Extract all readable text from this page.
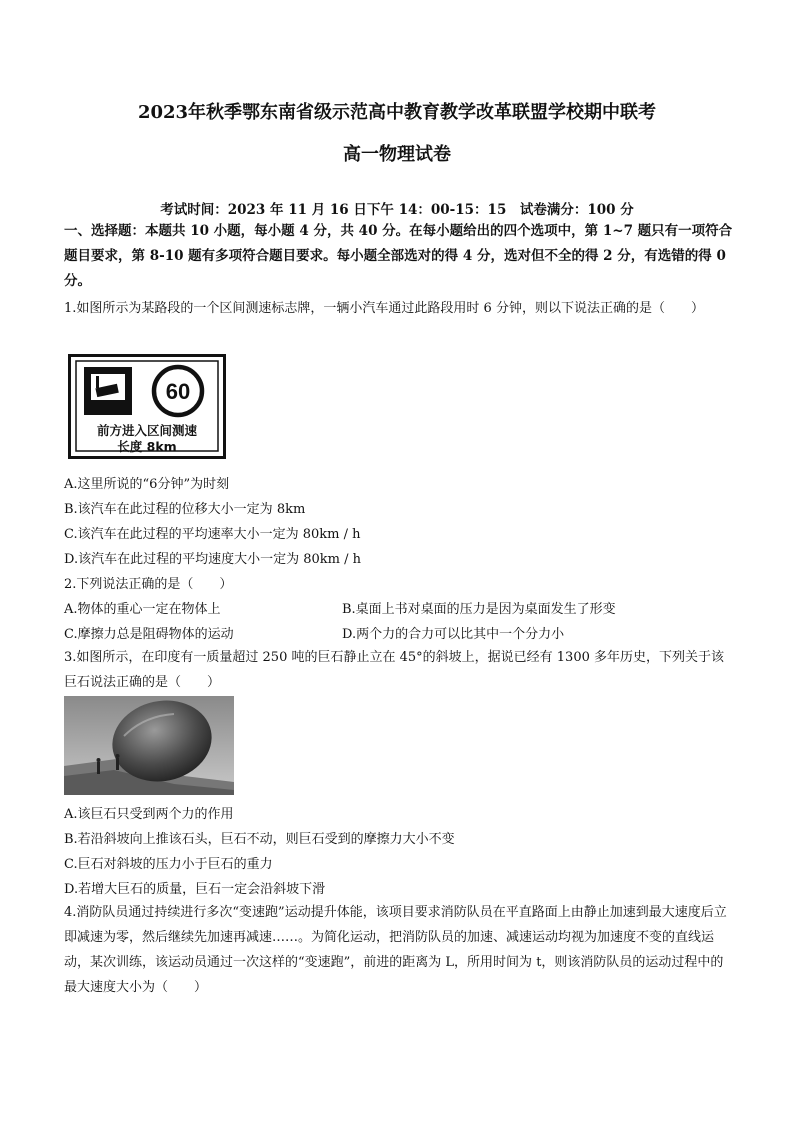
2023年秋季鄂东南省级示范高中教育教学改革联盟学校期中联考
高一物理试卷
考试时间：2023 年 11 月 16 日下午 14：00-15：15　试卷满分：100 分
一、选择题：本题共 10 小题，每小题 4 分，共 40 分。在每小题给出的四个选项中，第 1~7 题只有一项符合题目要求，第 8-10 题有多项符合题目要求。每小题全部选对的得 4 分，选对但不全的得 2 分，有选错的得 0 分。
1.如图所示为某路段的一个区间测速标志牌，一辆小汽车通过此路段用时 6 分钟，则以下说法正确的是（　　）
60
前方进入区间测速
长度 8km
A.这里所说的“6分钟”为时刻
B.该汽车在此过程的位移大小一定为 8km
C.该汽车在此过程的平均速率大小一定为 80km / h
D.该汽车在此过程的平均速度大小一定为 80km / h
2.下列说法正确的是（　　）
A.物体的重心一定在物体上	B.桌面上书对桌面的压力是因为桌面发生了形变
C.摩擦力总是阻碍物体的运动	D.两个力的合力可以比其中一个分力小
3.如图所示，在印度有一质量超过 250 吨的巨石静止立在 45°的斜坡上，据说已经有 1300 多年历史，下列关于该巨石说法正确的是（　　）
A.该巨石只受到两个力的作用
B.若沿斜坡向上推该石头，巨石不动，则巨石受到的摩擦力大小不变
C.巨石对斜坡的压力小于巨石的重力
D.若增大巨石的质量，巨石一定会沿斜坡下滑
4.消防队员通过持续进行多次“变速跑”运动提升体能，该项目要求消防队员在平直路面上由静止加速到最大速度后立即减速为零，然后继续先加速再减速……。为简化运动，把消防队员的加速、减速运动均视为加速度不变的直线运动，某次训练，该运动员通过一次这样的“变速跑”，前进的距离为 L，所用时间为 t，则该消防队员的运动过程中的最大速度大小为（　　）
